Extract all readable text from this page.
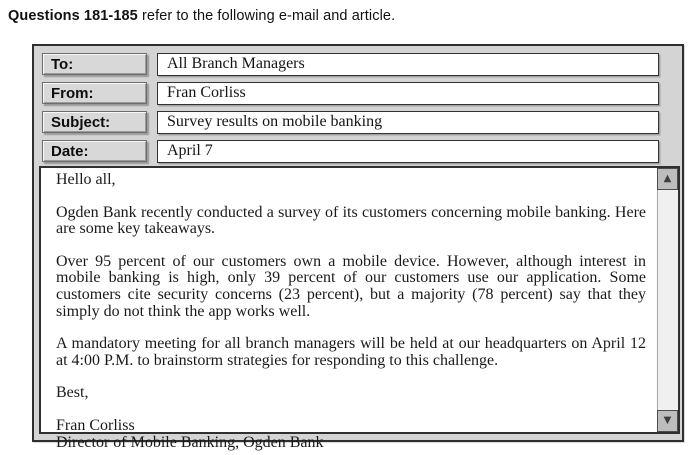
Questions 181-185 refer to the following e-mail and article.

To:
All Branch Managers
From:
Fran Corliss
Subject:
Survey results on mobile banking
Date:
April 7

Hello all,

Ogden Bank recently conducted a survey of its customers concerning mobile banking. Here are some key takeaways.

Over 95 percent of our customers own a mobile device. However, although interest in mobile banking is high, only 39 percent of our customers use our application. Some customers cite security concerns (23 percent), but a majority (78 percent) say that they simply do not think the app works well.

A mandatory meeting for all branch managers will be held at our headquarters on April 12 at 4:00 P.M. to brainstorm strategies for responding to this challenge.

Best,

Fran Corliss

Director of Mobile Banking, Ogden Bank

▲
▼
